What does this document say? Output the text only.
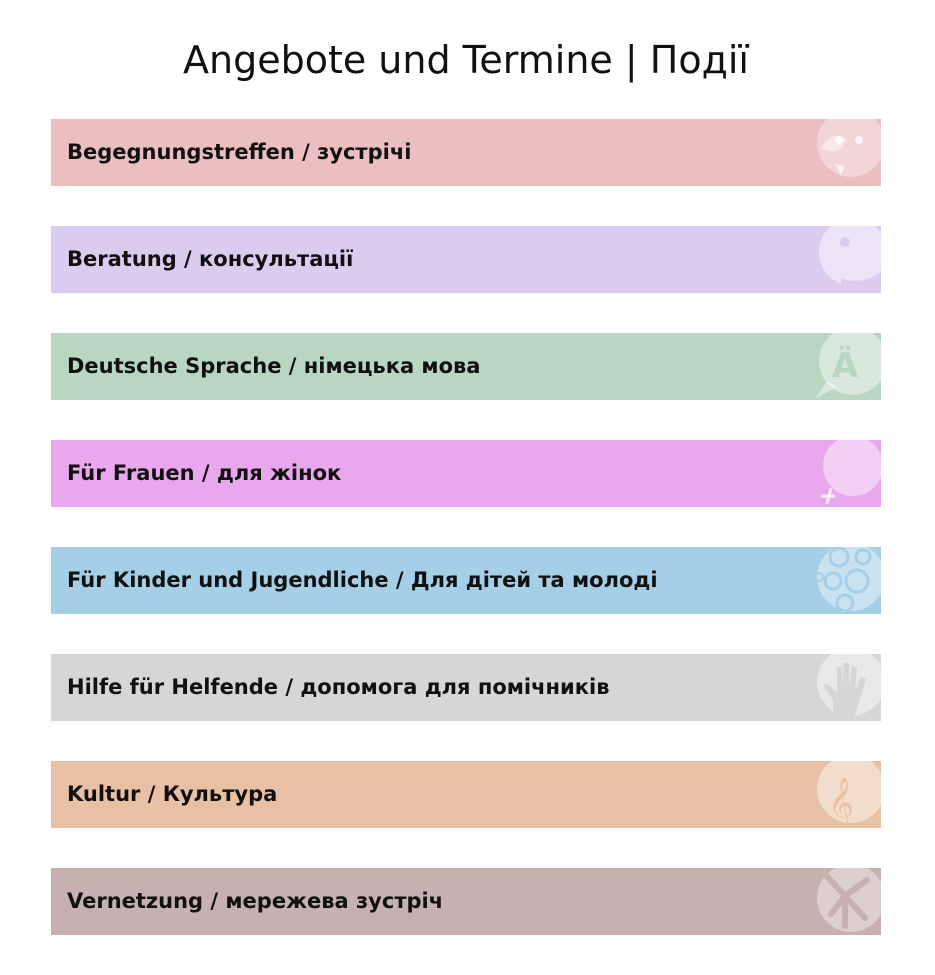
Angebote und Termine | Події
Begegnungstreffen / зустрічі
Beratung / консультації
Deutsche Sprache / німецька мова	Ä
Für Frauen / для жінок
Für Kinder und Jugendliche / Для дітей та молоді
Hilfe für Helfende / допомога для помічників
Kultur / Культура	𝄞
Vernetzung / мережева зустріч
